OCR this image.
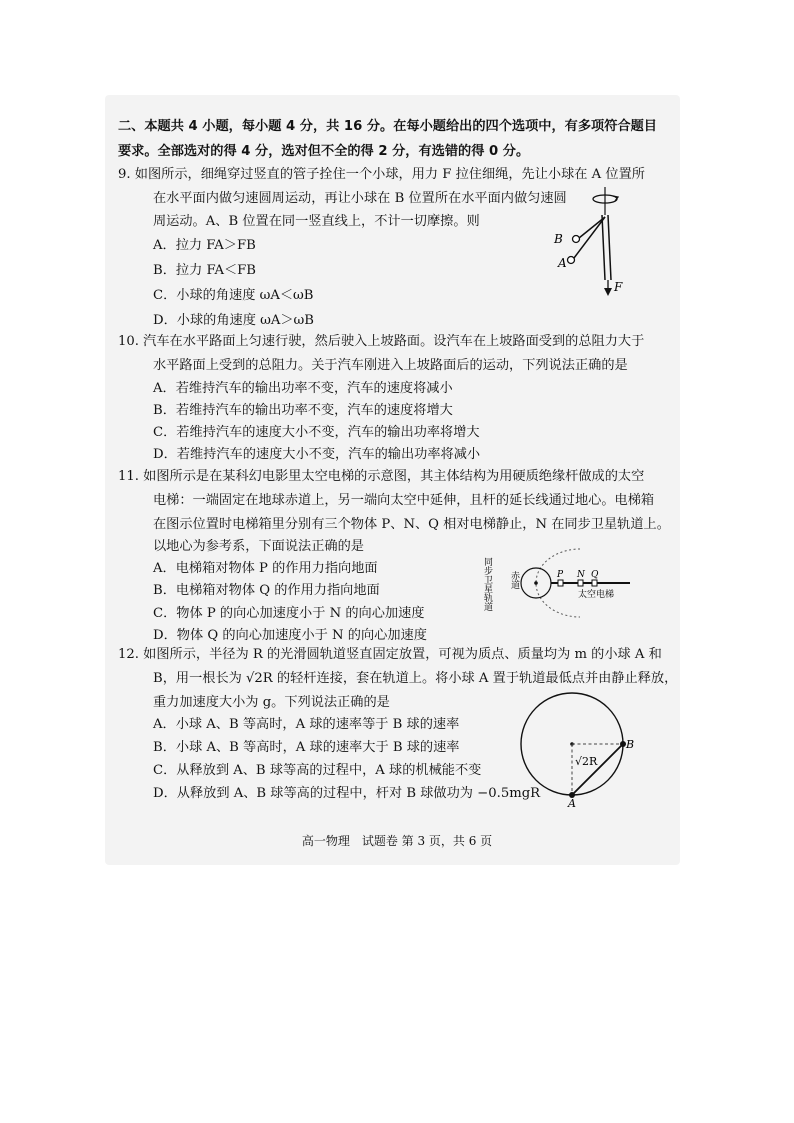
二、本题共 4 小题，每小题 4 分，共 16 分。在每小题给出的四个选项中，有多项符合题目
要求。全部选对的得 4 分，选对但不全的得 2 分，有选错的得 0 分。
9. 如图所示，细绳穿过竖直的管子拴住一个小球，用力 F 拉住细绳，先让小球在 A 位置所
在水平面内做匀速圆周运动，再让小球在 B 位置所在水平面内做匀速圆
周运动。A、B 位置在同一竖直线上，不计一切摩擦。则
A．拉力 FA＞FB
B．拉力 FA＜FB
C．小球的角速度 ωA＜ωB
D．小球的角速度 ωA＞ωB
B
A
F
10. 汽车在水平路面上匀速行驶，然后驶入上坡路面。设汽车在上坡路面受到的总阻力大于
水平路面上受到的总阻力。关于汽车刚进入上坡路面后的运动，下列说法正确的是
A．若维持汽车的输出功率不变，汽车的速度将减小
B．若维持汽车的输出功率不变，汽车的速度将增大
C．若维持汽车的速度大小不变，汽车的输出功率将增大
D．若维持汽车的速度大小不变，汽车的输出功率将减小
11. 如图所示是在某科幻电影里太空电梯的示意图，其主体结构为用硬质绝缘杆做成的太空
电梯：一端固定在地球赤道上，另一端向太空中延伸，且杆的延长线通过地心。电梯箱
在图示位置时电梯箱里分别有三个物体 P、N、Q 相对电梯静止，N 在同步卫星轨道上。
以地心为参考系，下面说法正确的是
A．电梯箱对物体 P 的作用力指向地面
B．电梯箱对物体 Q 的作用力指向地面
C．物体 P 的向心加速度小于 N 的向心加速度
D．物体 Q 的向心加速度小于 N 的向心加速度
同步卫星轨道 赤道	P N Q
太空电梯
12. 如图所示，半径为 R 的光滑圆轨道竖直固定放置，可视为质点、质量均为 m 的小球 A 和
B，用一根长为 √2R 的轻杆连接，套在轨道上。将小球 A 置于轨道最低点并由静止释放，
重力加速度大小为 g。下列说法正确的是
A．小球 A、B 等高时，A 球的速率等于 B 球的速率
B．小球 A、B 等高时，A 球的速率大于 B 球的速率
C．从释放到 A、B 球等高的过程中，A 球的机械能不变
D．从释放到 A、B 球等高的过程中，杆对 B 球做功为 −0.5mgR
B
A
√2R
高一物理　试题卷 第 3 页，共 6 页
